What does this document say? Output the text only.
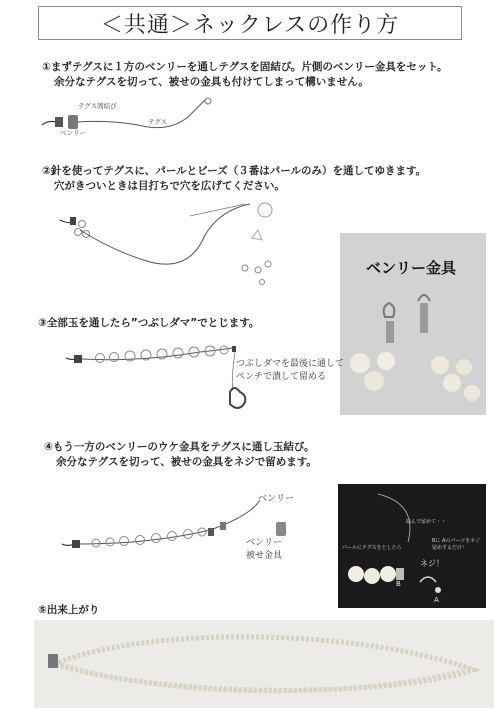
＜共通＞ネックレスの作り方
①まずテグスに１方のベンリーを通しテグスを固結び。片側のベンリー金具をセット。
余分なテグスを切って、被せの金具も付けてしまって構いません。
テグス固結び
ベンリー
テグス
②針を使ってテグスに、パールとビーズ（３番はパールのみ）を通してゆきます。
穴がきついときは目打ちで穴を広げてください。
ベンリー金具
③全部玉を通したら”つぶしダマ”でとじます。
つぶしダマを最後に通して
ペンチで潰して留める
④もう一方のベンリーのウケ金具をテグスに通し玉結び。
余分なテグスを切って、被せの金具をネジで留めます。
ベンリー
ベンリー
被せ金具
結んで留めて・・
パールにテグスをとしたら
Bに Aのパーツをネジ留めするだけ！
ネジ！
B
A
⑤出来上がり
